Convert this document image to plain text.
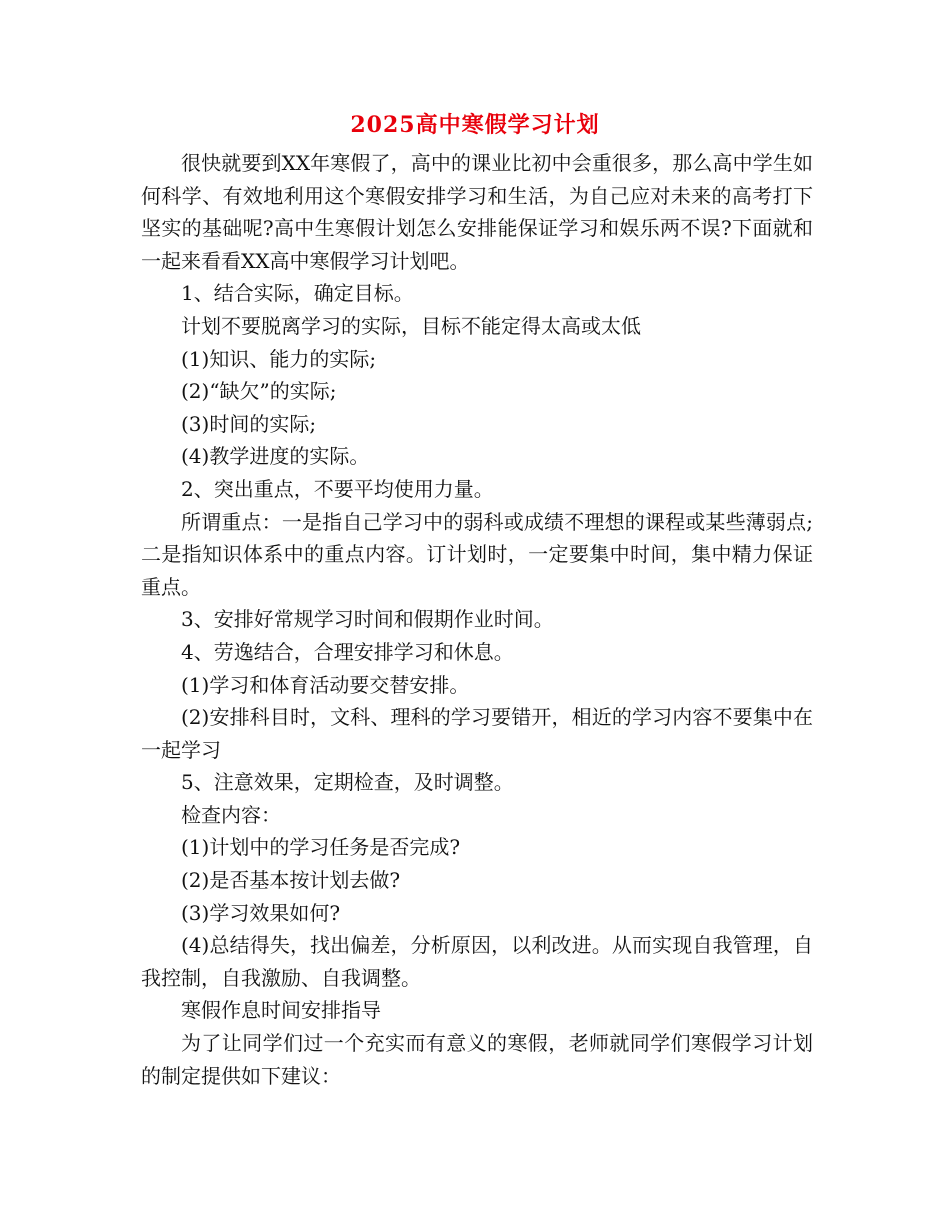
2025高中寒假学习计划

很快就要到XX年寒假了，高中的课业比初中会重很多，那么高中学生如何科学、有效地利用这个寒假安排学习和生活，为自己应对未来的高考打下坚实的基础呢?高中生寒假计划怎么安排能保证学习和娱乐两不误?下面就和一起来看看XX高中寒假学习计划吧。

1、结合实际，确定目标。

计划不要脱离学习的实际，目标不能定得太高或太低

(1)知识、能力的实际;

(2)“缺欠”的实际;

(3)时间的实际;

(4)教学进度的实际。

2、突出重点，不要平均使用力量。

所谓重点：一是指自己学习中的弱科或成绩不理想的课程或某些薄弱点;二是指知识体系中的重点内容。订计划时，一定要集中时间，集中精力保证重点。

3、安排好常规学习时间和假期作业时间。

4、劳逸结合，合理安排学习和休息。

(1)学习和体育活动要交替安排。

(2)安排科目时，文科、理科的学习要错开，相近的学习内容不要集中在一起学习

5、注意效果，定期检查，及时调整。

检查内容：

(1)计划中的学习任务是否完成?

(2)是否基本按计划去做?

(3)学习效果如何?

(4)总结得失，找出偏差，分析原因，以利改进。从而实现自我管理，自我控制，自我激励、自我调整。

寒假作息时间安排指导

为了让同学们过一个充实而有意义的寒假，老师就同学们寒假学习计划的制定提供如下建议：
